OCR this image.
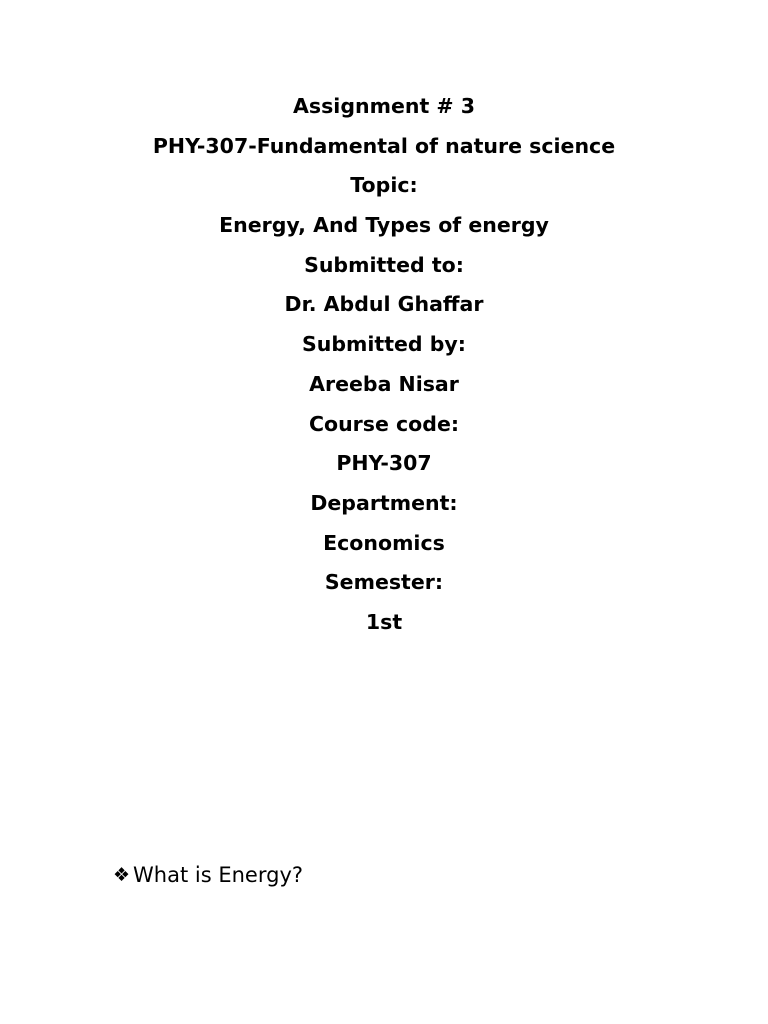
Assignment # 3
PHY-307-Fundamental of nature science
Topic:
Energy, And Types of energy
Submitted to:
Dr. Abdul Ghaffar
Submitted by:
Areeba Nisar
Course code:
PHY-307
Department:
Economics
Semester:
1st
❖ What is Energy?
